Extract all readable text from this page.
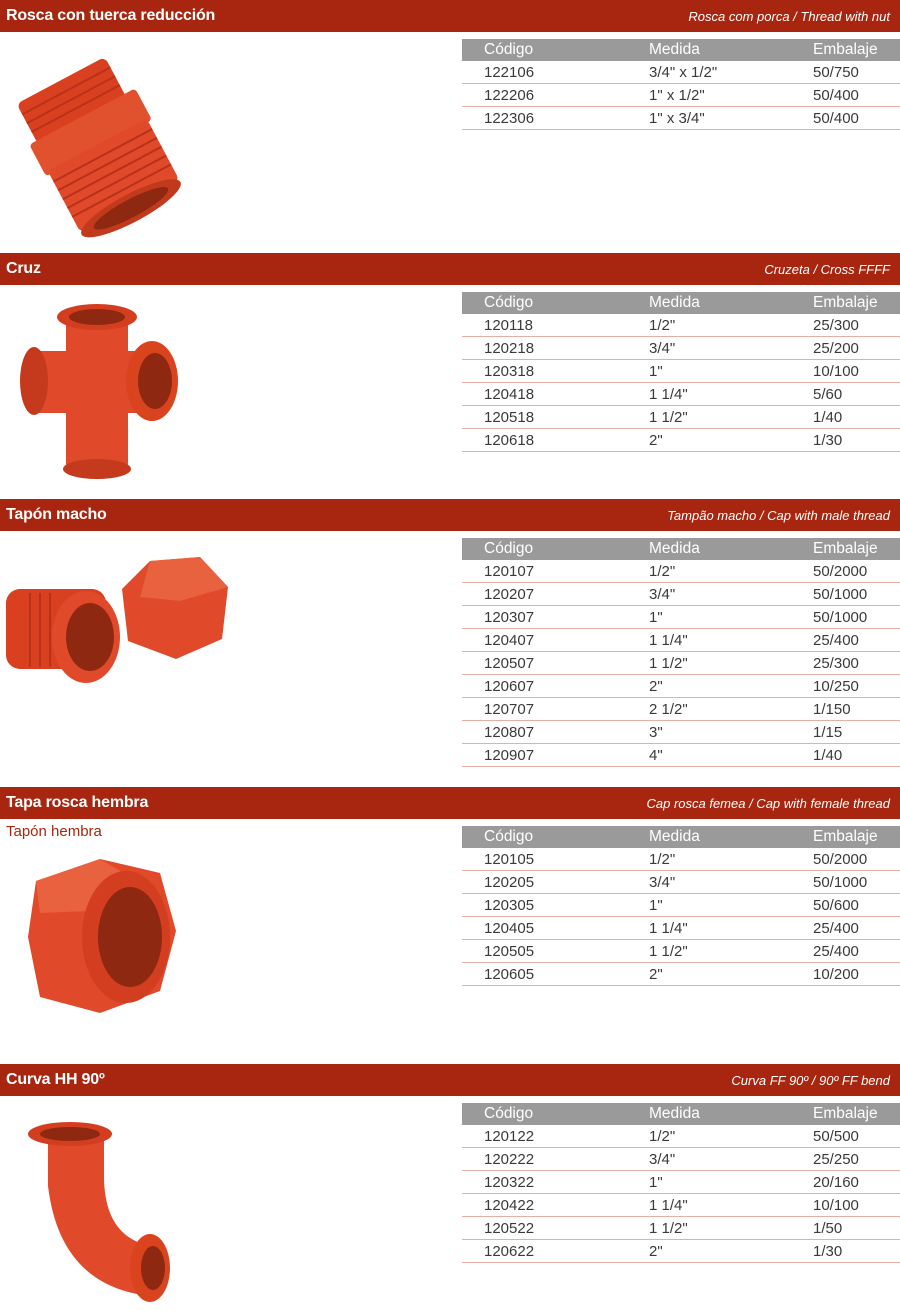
Rosca con tuerca reducción	Rosca com porca / Thread with nut
Código	Medida	Embalaje
122106	3/4" x 1/2"	50/750
122206	1" x 1/2"	50/400
122306	1" x 3/4"	50/400
Cruz	Cruzeta / Cross FFFF
Código	Medida	Embalaje
120118	1/2"	25/300
120218	3/4"	25/200
120318	1"	10/100
120418	1 1/4"	5/60
120518	1 1/2"	1/40
120618	2"	1/30
Tapón macho	Tampão macho / Cap with male thread
Código	Medida	Embalaje
120107	1/2"	50/2000
120207	3/4"	50/1000
120307	1"	50/1000
120407	1 1/4"	25/400
120507	1 1/2"	25/300
120607	2"	10/250
120707	2 1/2"	1/150
120807	3"	1/15
120907	4"	1/40
Tapa rosca hembra	Cap rosca femea / Cap with female thread
Tapón hembra	Código	Medida	Embalaje
120105	1/2"	50/2000
120205	3/4"	50/1000
120305	1"	50/600
120405	1 1/4"	25/400
120505	1 1/2"	25/400
120605	2"	10/200
Curva HH 90º	Curva FF 90º / 90º FF bend
Código	Medida	Embalaje
120122	1/2"	50/500
120222	3/4"	25/250
120322	1"	20/160
120422	1 1/4"	10/100
120522	1 1/2"	1/50
120622	2"	1/30
